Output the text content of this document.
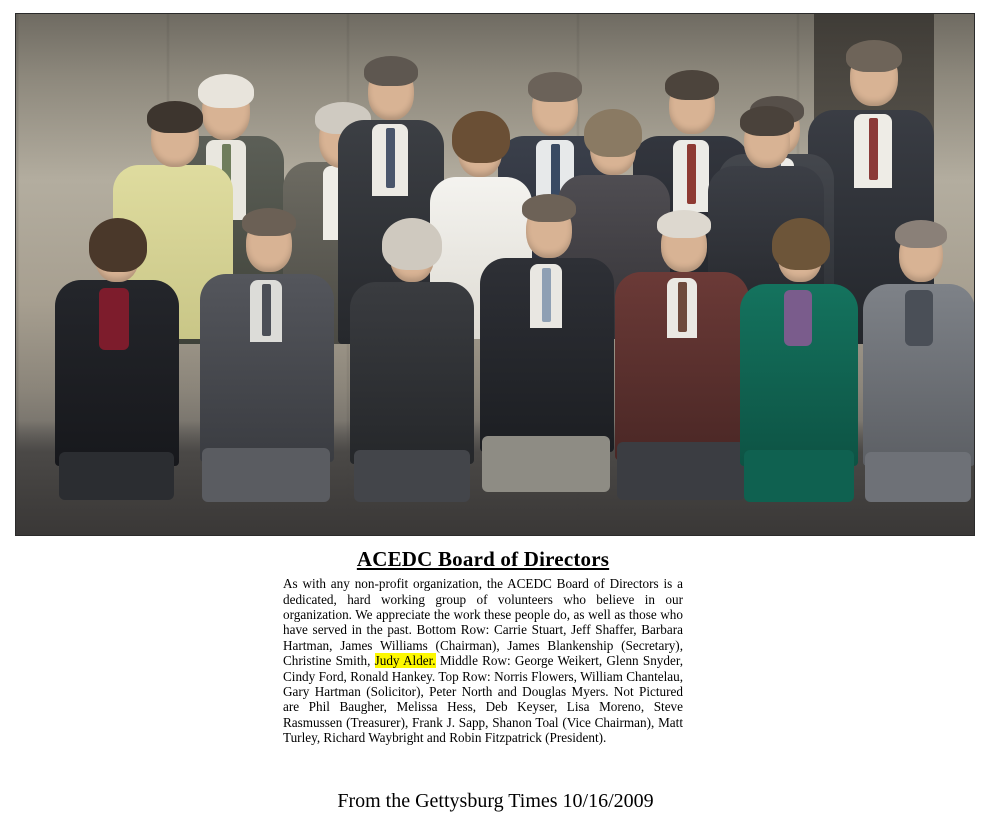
ACEDC Board of Directors

As with any non-profit organization, the ACEDC Board of Directors is a dedicated, hard working group of volunteers who believe in our organization. We appreciate the work these people do, as well as those who have served in the past. Bottom Row: Carrie Stuart, Jeff Shaffer, Barbara Hartman, James Williams (Chairman), James Blankenship (Secretary), Christine Smith, Judy Alder. Middle Row: George Weikert, Glenn Snyder, Cindy Ford, Ronald Hankey. Top Row: Norris Flowers, William Chantelau, Gary Hartman (Solicitor), Peter North and Douglas Myers. Not Pictured are Phil Baugher, Melissa Hess, Deb Keyser, Lisa Moreno, Steve Rasmussen (Treasurer), Frank J. Sapp, Shanon Toal (Vice Chairman), Matt Turley, Richard Waybright and Robin Fitzpatrick (President).

From the Gettysburg Times 10/16/2009
